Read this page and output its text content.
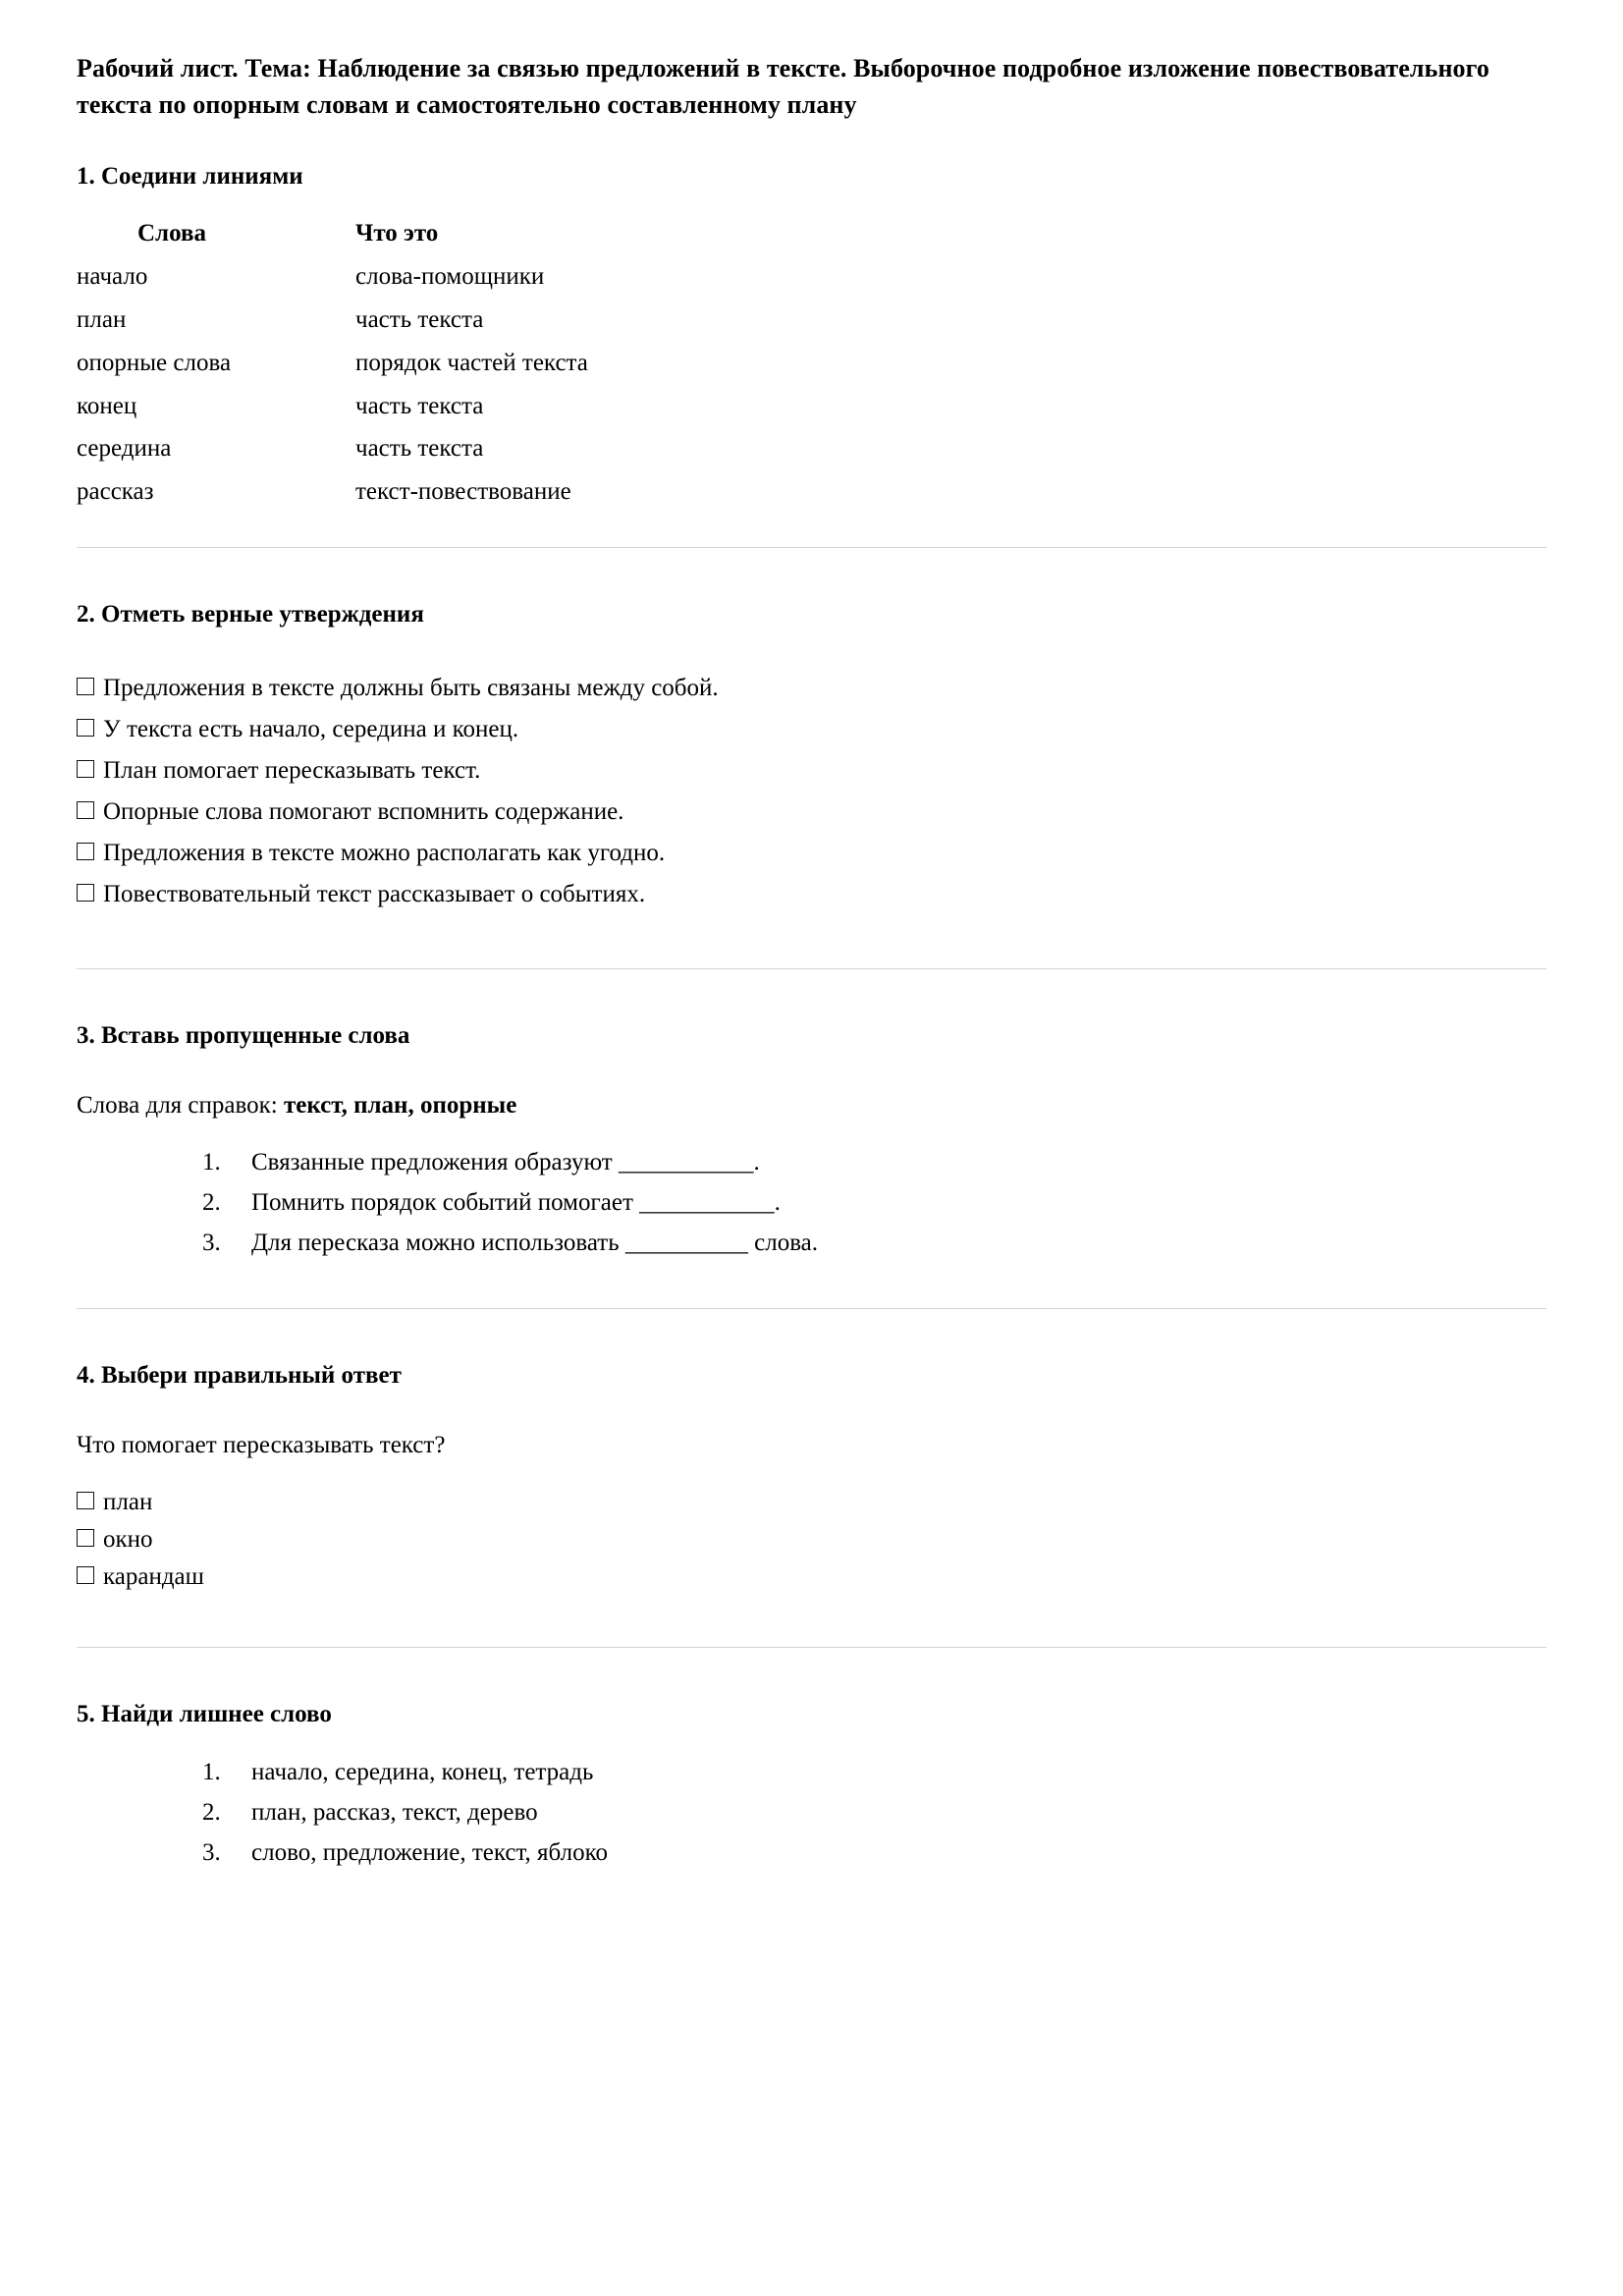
Рабочий лист. Тема: Наблюдение за связью предложений в тексте. Выборочное подробное изложение повествовательного текста по опорным словам и самостоятельно составленному плану
1. Соедини линиями
Слова	Что это
начало	слова-помощники
план	часть текста
опорные слова	порядок частей текста
конец	часть текста
середина	часть текста
рассказ	текст-повествование
2. Отметь верные утверждения
Предложения в тексте должны быть связаны между собой.
У текста есть начало, середина и конец.
План помогает пересказывать текст.
Опорные слова помогают вспомнить содержание.
Предложения в тексте можно располагать как угодно.
Повествовательный текст рассказывает о событиях.
3. Вставь пропущенные слова

Слова для справок: текст, план, опорные

Связанные предложения образуют ___________.
Помнить порядок событий помогает ___________.
Для пересказа можно использовать __________ слова.
4. Выбери правильный ответ

Что помогает пересказывать текст?

план
окно
карандаш
5. Найди лишнее слово
начало, середина, конец, тетрадь
план, рассказ, текст, дерево
слово, предложение, текст, яблоко
